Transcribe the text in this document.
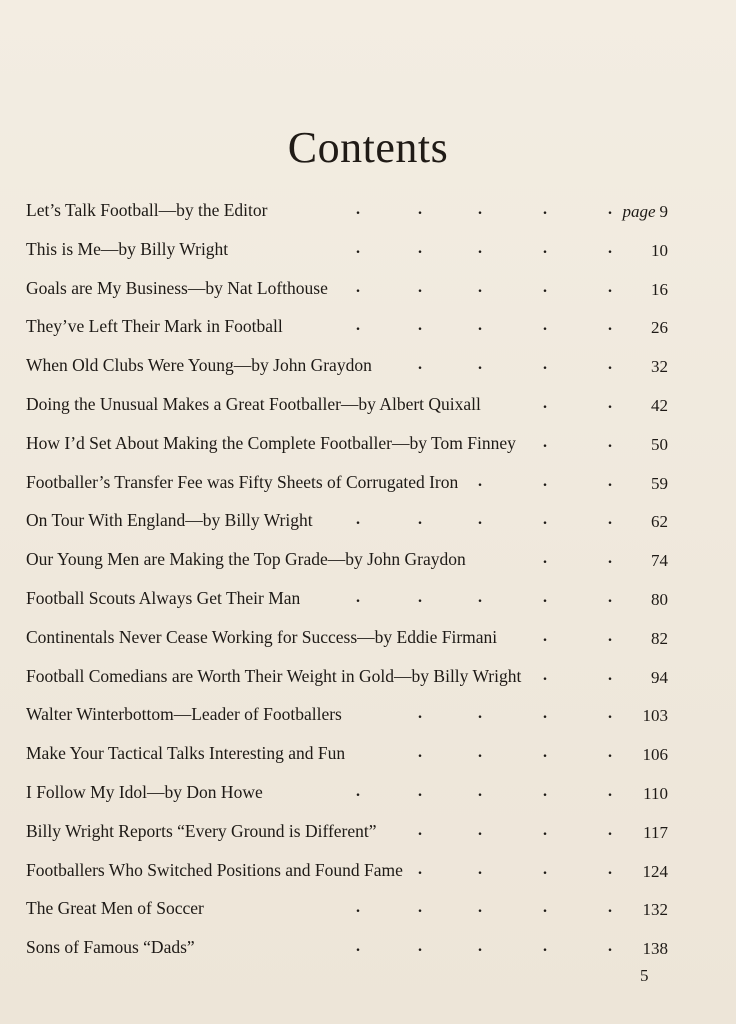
Contents
Let’s Talk Football—by the Editor	page 9
.	.	.	.	.
This is Me—by Billy Wright	10
.	.	.	.	.
Goals are My Business—by Nat Lofthouse	16
.	.	.	.	.
They’ve Left Their Mark in Football	26
.	.	.	.	.
When Old Clubs Were Young—by John Graydon	32
.	.	.	.
Doing the Unusual Makes a Great Footballer—by Albert Quixall	42
.	.
How I’d Set About Making the Complete Footballer—by Tom Finney	50
.	.
Footballer’s Transfer Fee was Fifty Sheets of Corrugated Iron	59
.	.	.
On Tour With England—by Billy Wright	62
.	.	.	.	.
Our Young Men are Making the Top Grade—by John Graydon	74
.	.
Football Scouts Always Get Their Man	80
.	.	.	.	.
Continentals Never Cease Working for Success—by Eddie Firmani	82
.	.
Football Comedians are Worth Their Weight in Gold—by Billy Wright	94
.	.
Walter Winterbottom—Leader of Footballers	103
.	.	.	.
Make Your Tactical Talks Interesting and Fun	106
.	.	.	.
I Follow My Idol—by Don Howe	110
.	.	.	.	.
Billy Wright Reports “Every Ground is Different”	117
.	.	.	.
Footballers Who Switched Positions and Found Fame	124
.	.	.	.
The Great Men of Soccer	132
.	.	.	.	.
Sons of Famous “Dads”	138
.	.	.	.	.
5
